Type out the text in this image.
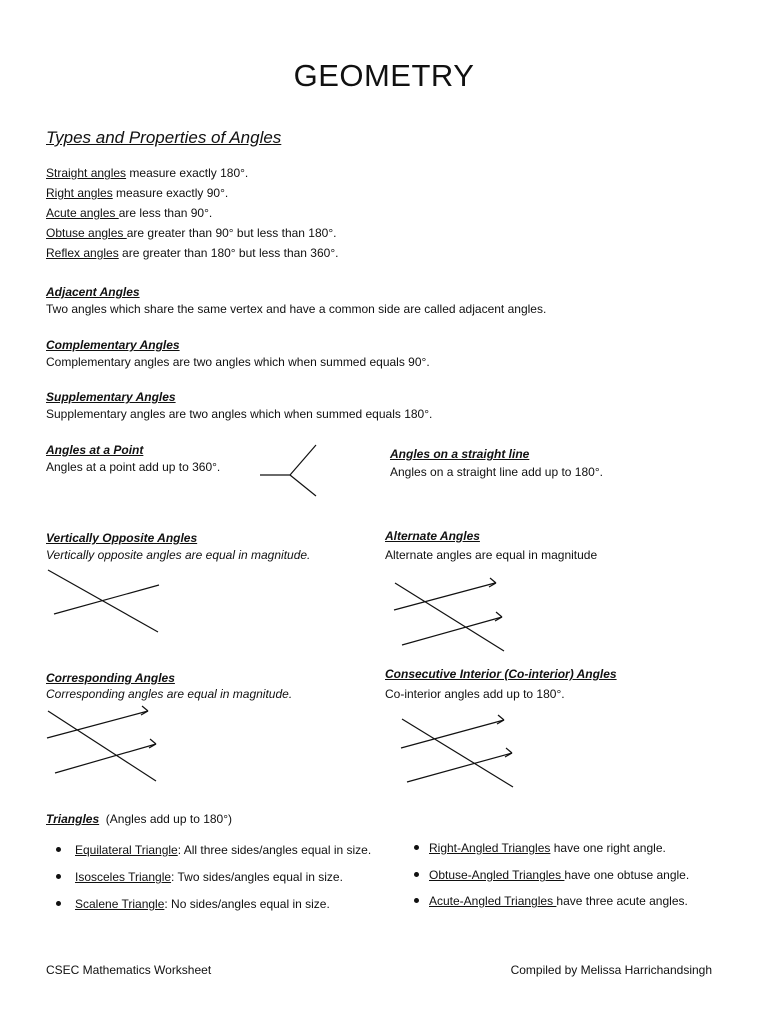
GEOMETRY
Types and Properties of Angles
Straight angles measure exactly 180°.
Right angles measure exactly 90°.
Acute angles are less than 90°.
Obtuse angles are greater than 90° but less than 180°.
Reflex angles are greater than 180° but less than 360°.
Adjacent Angles
Two angles which share the same vertex and have a common side are called adjacent angles.
Complementary Angles
Complementary angles are two angles which when summed equals 90°.
Supplementary Angles
Supplementary angles are two angles which when summed equals 180°.
Angles at a Point
Angles at a point add up to 360°.
Angles on a straight line
Angles on a straight line add up to 180°.
Vertically Opposite Angles
Vertically opposite angles are equal in magnitude.
Alternate Angles
Alternate angles are equal in magnitude
Corresponding Angles
Corresponding angles are equal in magnitude.
Consecutive Interior (Co-interior) Angles
Co-interior angles add up to 180°.
Triangles  (Angles add up to 180°)
Equilateral Triangle: All three sides/angles equal in size.
Isosceles Triangle: Two sides/angles equal in size.
Scalene Triangle: No sides/angles equal in size.
Right-Angled Triangles have one right angle.
Obtuse-Angled Triangles have one obtuse angle.
Acute-Angled Triangles have three acute angles.
CSEC Mathematics Worksheet	Compiled by Melissa Harrichandsingh
